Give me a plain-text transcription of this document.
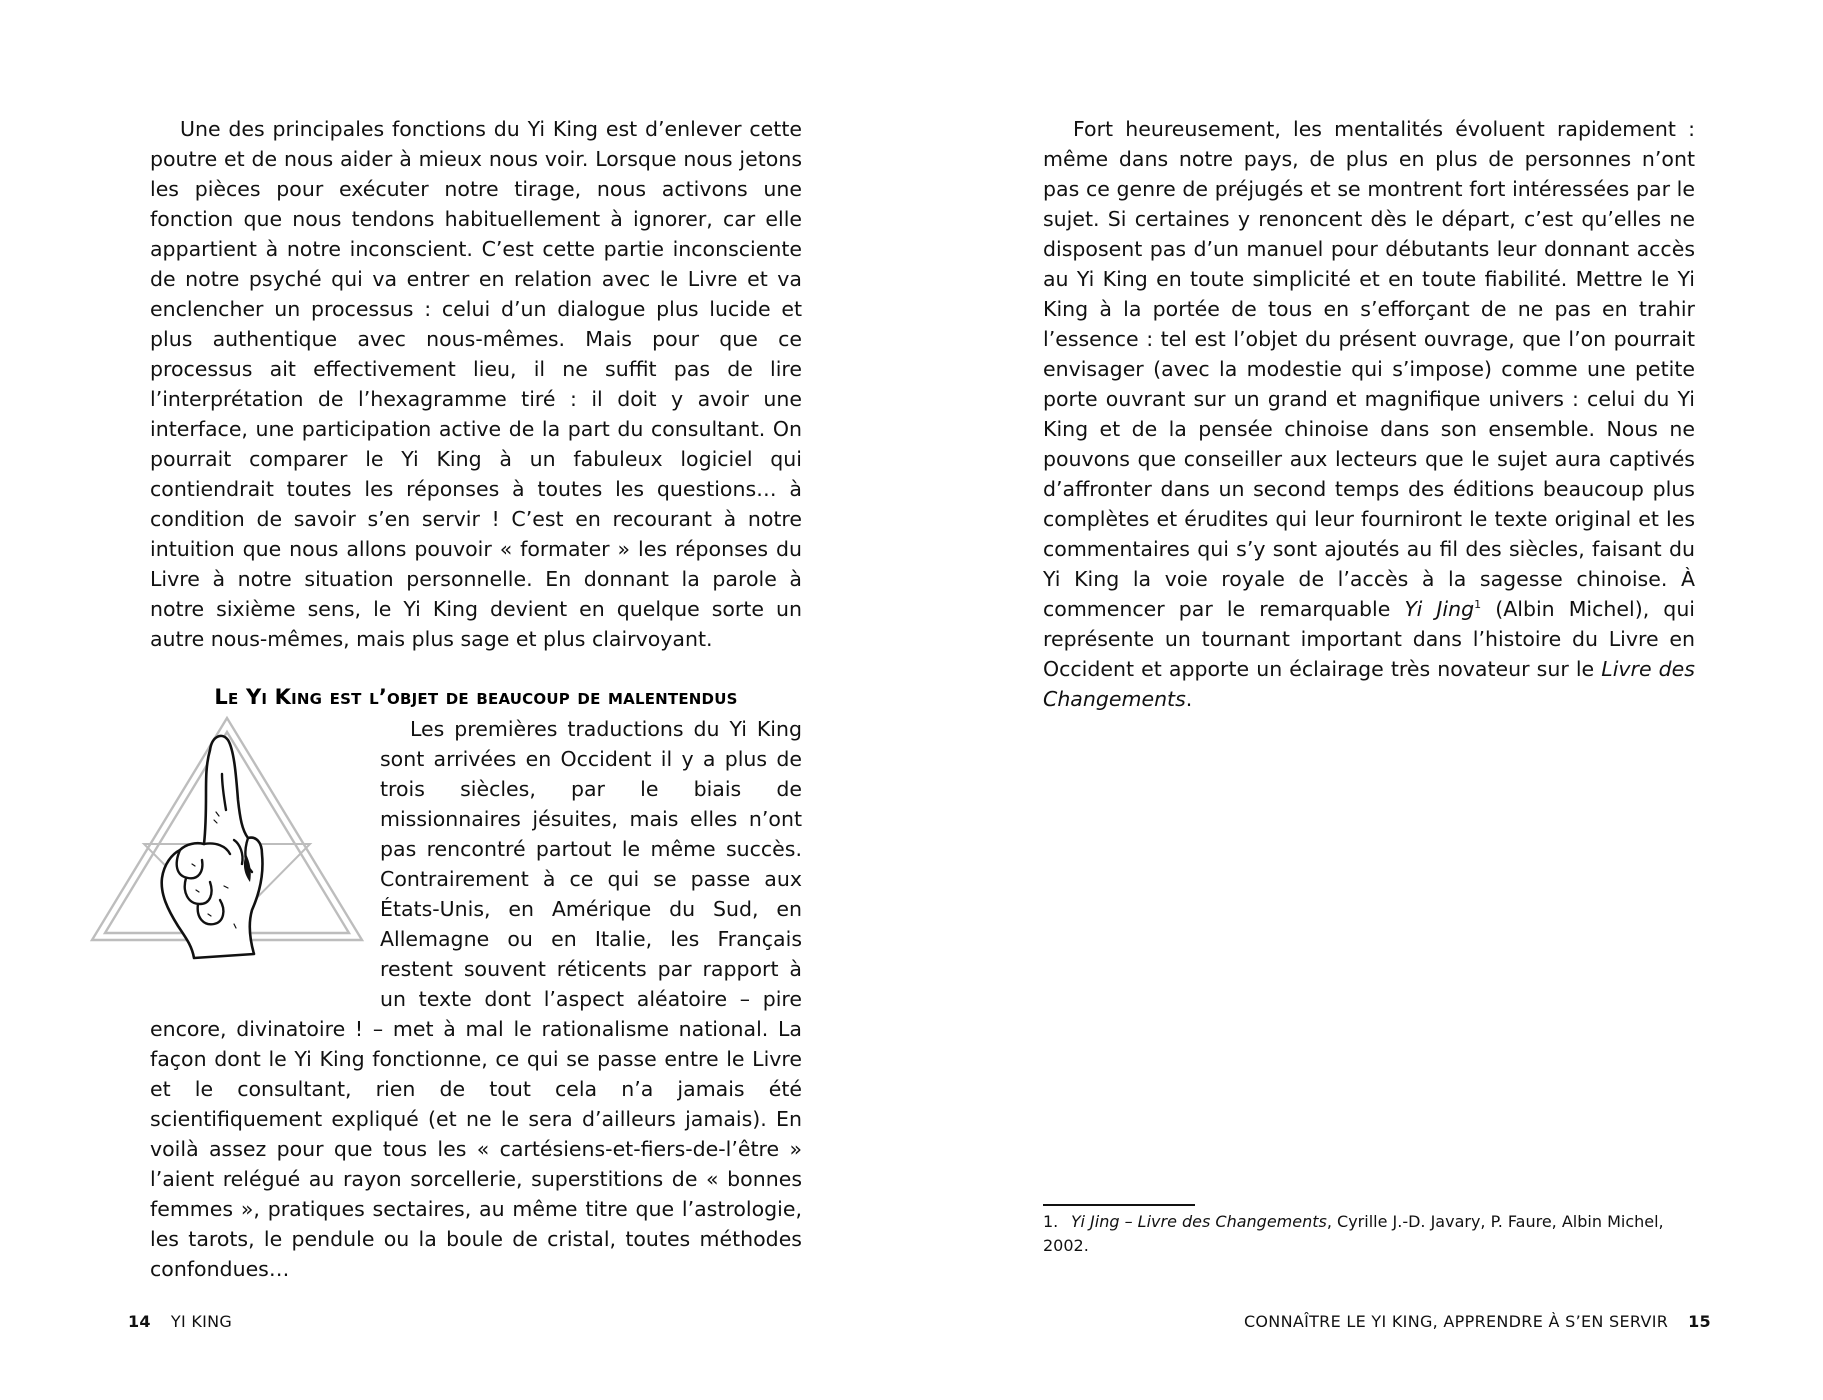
Une des principales fonctions du Yi King est d’enlever cette poutre et de nous aider à mieux nous voir. Lorsque nous jetons les pièces pour exécuter notre tirage, nous activons une fonction que nous tendons habituellement à ignorer, car elle appartient à notre inconscient. C’est cette partie inconsciente de notre psyché qui va entrer en relation avec le Livre et va enclencher un processus : celui d’un dialogue plus lucide et plus authentique avec nous-mêmes. Mais pour que ce processus ait effectivement lieu, il ne suffit pas de lire l’interprétation de l’hexagramme tiré : il doit y avoir une interface, une participation active de la part du consultant. On pourrait comparer le Yi King à un fabuleux logiciel qui contiendrait toutes les réponses à toutes les questions… à condition de savoir s’en servir ! C’est en recourant à notre intuition que nous allons pouvoir « formater » les réponses du Livre à notre situation personnelle. En donnant la parole à notre sixième sens, le Yi King devient en quelque sorte un autre nous-mêmes, mais plus sage et plus clairvoyant.

Le Yi King est l’objet de beaucoup de malentendus

Les premières traductions du Yi King sont arrivées en Occident il y a plus de trois siècles, par le biais de missionnaires jésuites, mais elles n’ont pas rencontré partout le même succès. Contrairement à ce qui se passe aux États-Unis, en Amérique du Sud, en Allemagne ou en Italie, les Français restent souvent réticents par rapport à un texte dont l’aspect aléatoire – pire encore, divinatoire ! – met à mal le rationalisme national. La façon dont le Yi King fonctionne, ce qui se passe entre le Livre et le consultant, rien de tout cela n’a jamais été scientifiquement expliqué (et ne le sera d’ailleurs jamais). En voilà assez pour que tous les « cartésiens-et-fiers-de-l’être » l’aient relégué au rayon sorcellerie, superstitions de « bonnes femmes », pratiques sectaires, au même titre que l’astrologie, les tarots, le pendule ou la boule de cristal, toutes méthodes confondues…

14 YI KING

Fort heureusement, les mentalités évoluent rapidement : même dans notre pays, de plus en plus de personnes n’ont pas ce genre de préjugés et se montrent fort intéressées par le sujet. Si certaines y renoncent dès le départ, c’est qu’elles ne disposent pas d’un manuel pour débutants leur donnant accès au Yi King en toute simplicité et en toute fiabilité. Mettre le Yi King à la portée de tous en s’efforçant de ne pas en trahir l’essence : tel est l’objet du présent ouvrage, que l’on pourrait envisager (avec la modestie qui s’impose) comme une petite porte ouvrant sur un grand et magnifique univers : celui du Yi King et de la pensée chinoise dans son ensemble. Nous ne pouvons que conseiller aux lecteurs que le sujet aura captivés d’affronter dans un second temps des éditions beaucoup plus complètes et érudites qui leur fourniront le texte original et les commentaires qui s’y sont ajoutés au fil des siècles, faisant du Yi King la voie royale de l’accès à la sagesse chinoise. À commencer par le remarquable Yi Jing$^1$ (Albin Michel), qui représente un tournant important dans l’histoire du Livre en Occident et apporte un éclairage très novateur sur le Livre des Changements.

1. Yi Jing – Livre des Changements, Cyrille J.-D. Javary, P. Faure, Albin Michel, 2002.
CONNAÎTRE LE YI KING, APPRENDRE À S’EN SERVIR 15
